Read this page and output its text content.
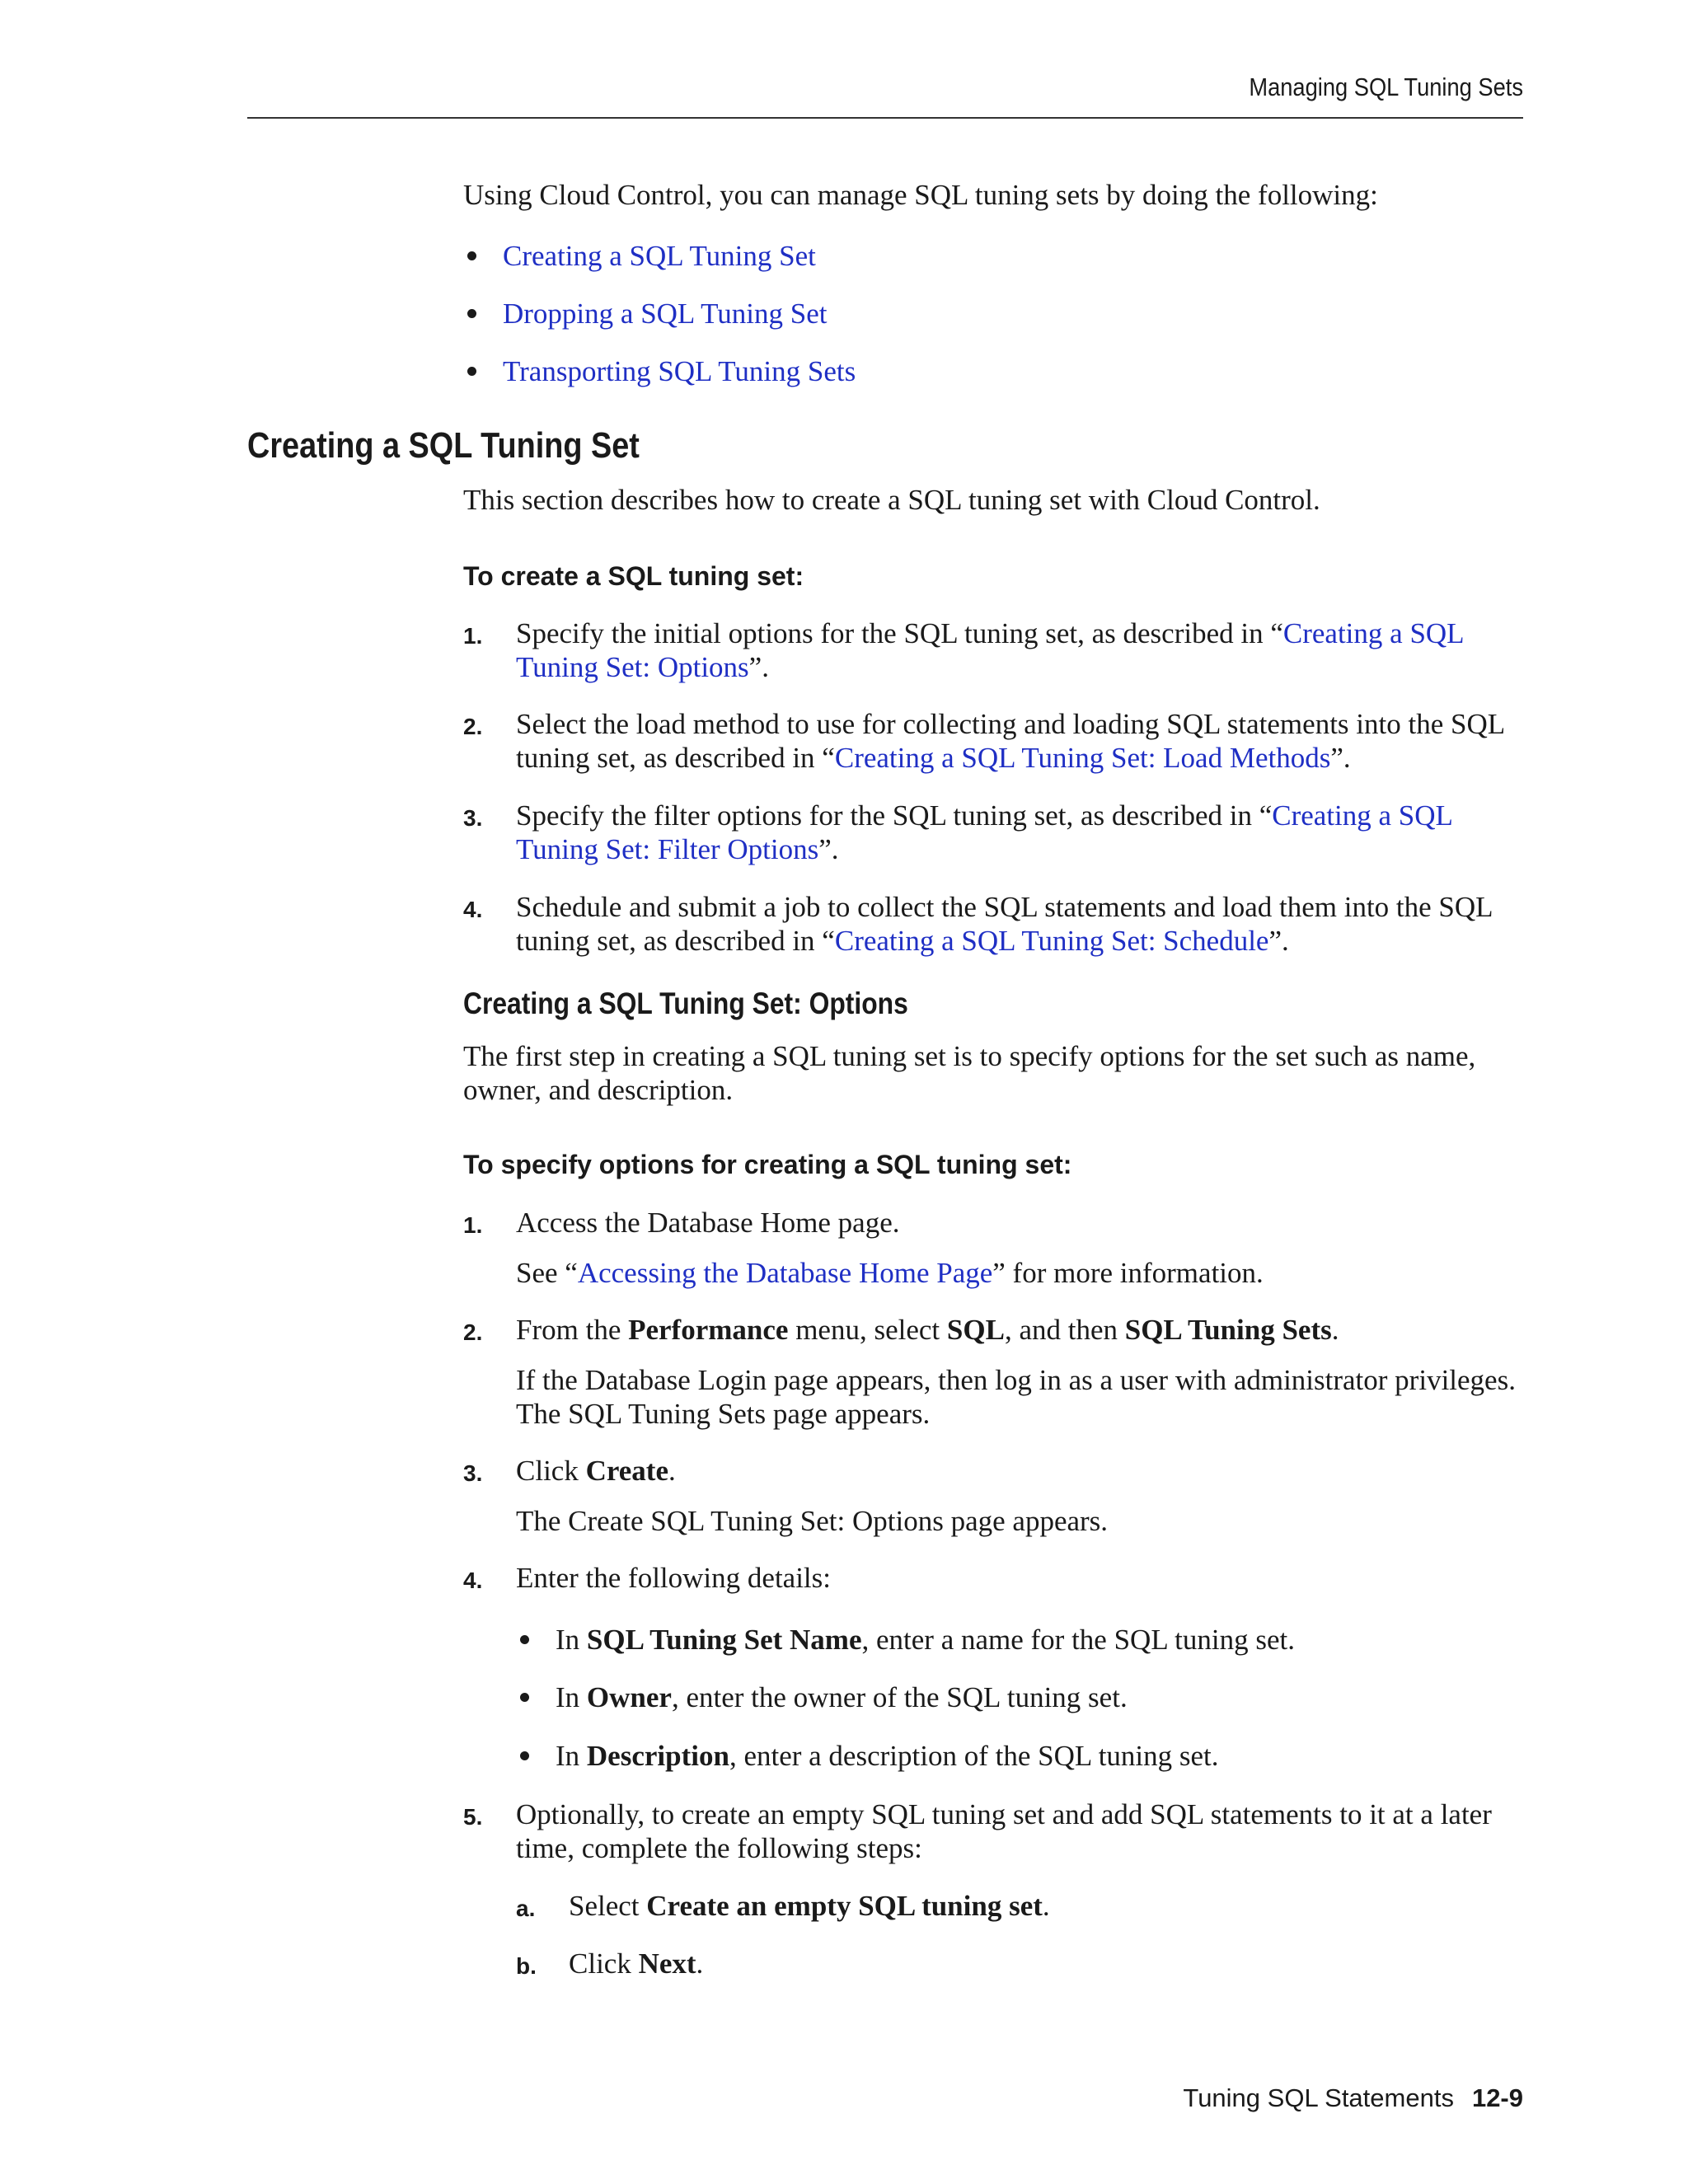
Managing SQL Tuning Sets

Using Cloud Control, you can manage SQL tuning sets by doing the following:

Creating a SQL Tuning Set
Dropping a SQL Tuning Set
Transporting SQL Tuning Sets
Creating a SQL Tuning Set

This section describes how to create a SQL tuning set with Cloud Control.

To create a SQL tuning set:

1. Specify the initial options for the SQL tuning set, as described in “Creating a SQL Tuning Set: Options”.
2. Select the load method to use for collecting and loading SQL statements into the SQL tuning set, as described in “Creating a SQL Tuning Set: Load Methods”.
3. Specify the filter options for the SQL tuning set, as described in “Creating a SQL Tuning Set: Filter Options”.
4. Schedule and submit a job to collect the SQL statements and load them into the SQL tuning set, as described in “Creating a SQL Tuning Set: Schedule”.
Creating a SQL Tuning Set: Options

The first step in creating a SQL tuning set is to specify options for the set such as name, owner, and description.

To specify options for creating a SQL tuning set:

1. Access the Database Home page.
See “Accessing the Database Home Page” for more information.
2. From the Performance menu, select SQL, and then SQL Tuning Sets.
If the Database Login page appears, then log in as a user with administrator privileges. The SQL Tuning Sets page appears.
3. Click Create.
The Create SQL Tuning Set: Options page appears.
4. Enter the following details:
In SQL Tuning Set Name, enter a name for the SQL tuning set.
In Owner, enter the owner of the SQL tuning set.
In Description, enter a description of the SQL tuning set.
5. Optionally, to create an empty SQL tuning set and add SQL statements to it at a later time, complete the following steps:
a. Select Create an empty SQL tuning set.
b. Click Next.
Tuning SQL Statements 12-9
